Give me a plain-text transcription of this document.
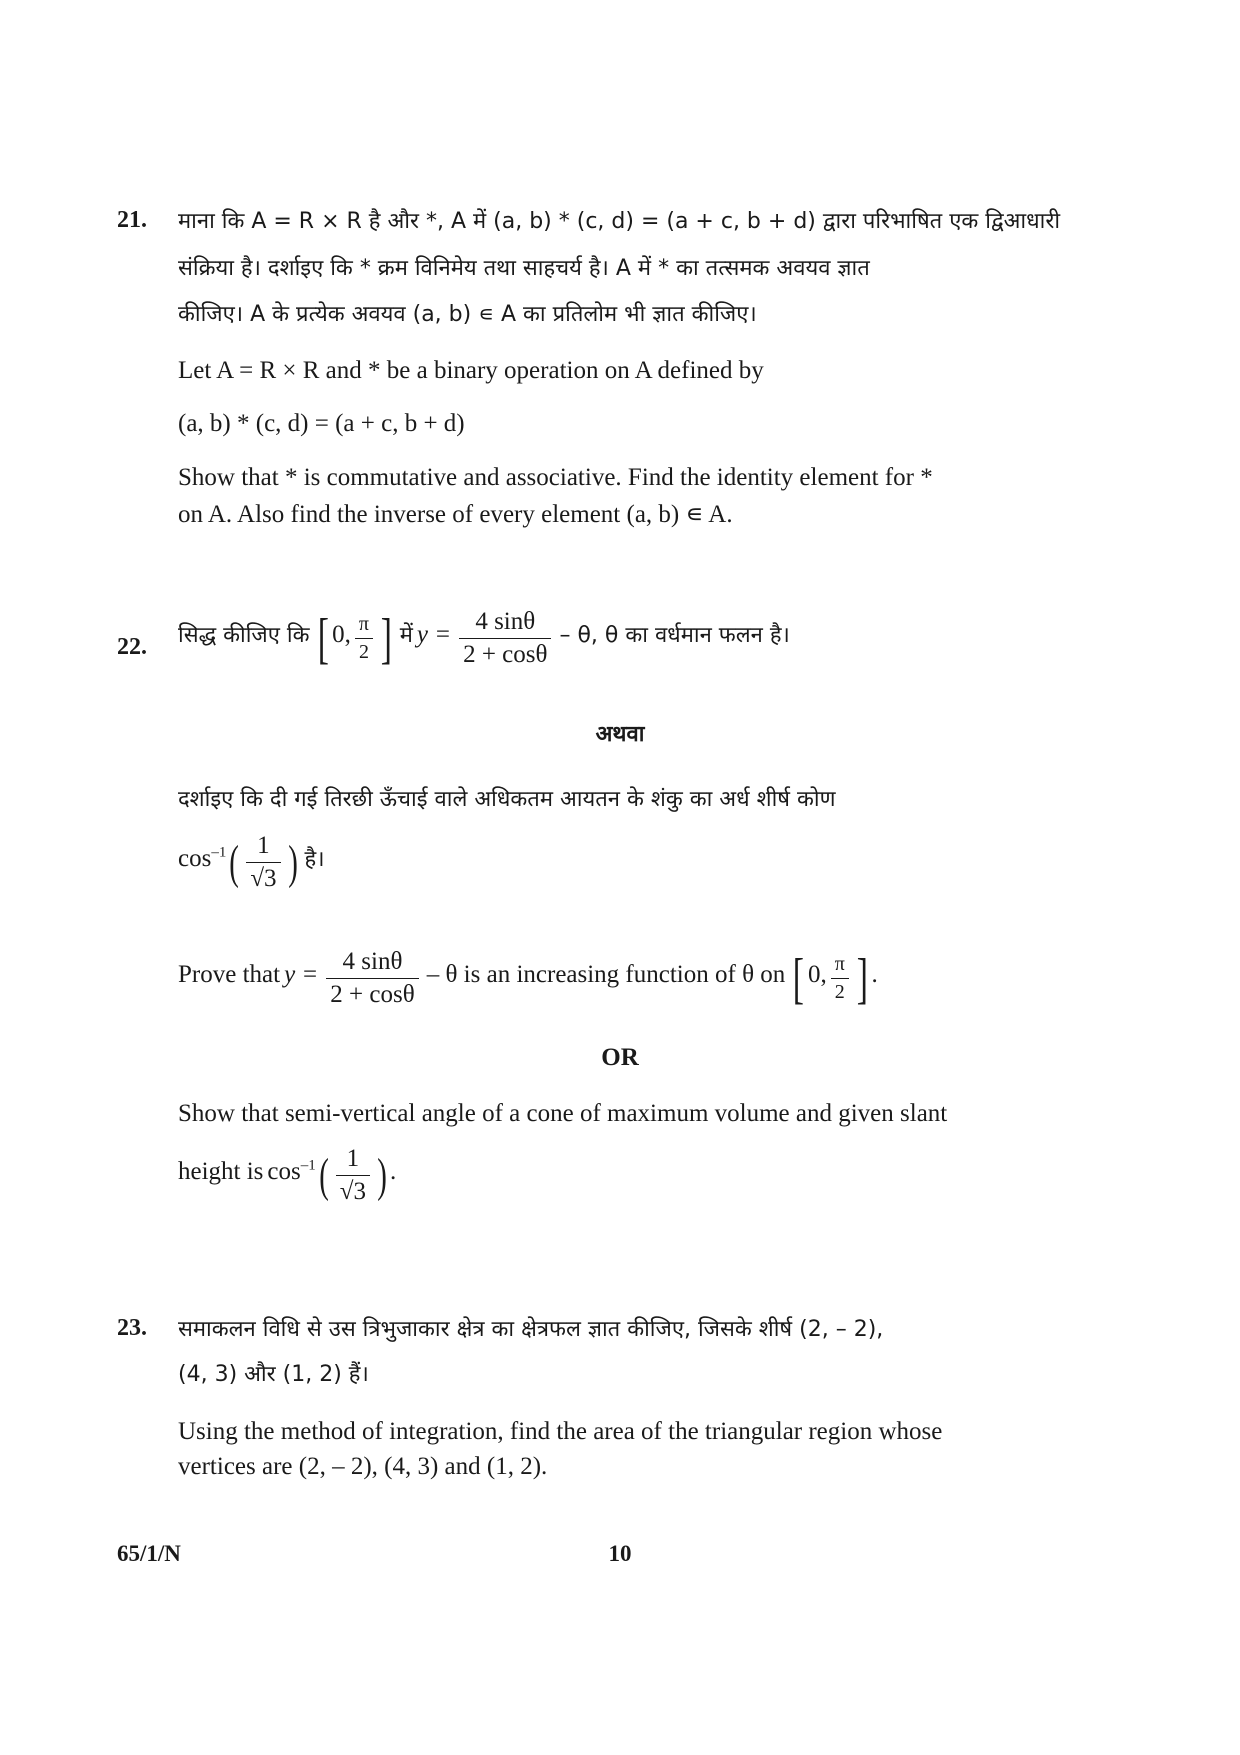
21. माना कि A = R × R है और *, A में (a, b) * (c, d) = (a + c, b + d) द्वारा परिभाषित एक द्विआधारी
संक्रिया है। दर्शाइए कि * क्रम विनिमेय तथा साहचर्य है। A में * का तत्समक अवयव ज्ञात
कीजिए। A के प्रत्येक अवयव (a, b) ∊ A का प्रतिलोम भी ज्ञात कीजिए।
Let A = R × R and * be a binary operation on A defined by
(a, b) * (c, d) = (a + c, b + d)
Show that * is commutative and associative. Find the identity element for *
on A. Also find the inverse of every element (a, b) ∊ A.
22. सिद्ध कीजिए कि [ 0, $\frac{\pi}{2}$ ] में $y = \frac{4 \sin\theta}{2 + \cos\theta} - \theta$, θ का वर्धमान फलन है।
अथवा
दर्शाइए कि दी गई तिरछी ऊँचाई वाले अधिकतम आयतन के शंकु का अर्ध शीर्ष कोण
$\cos^{-1}( \frac{1}{√3}$ ) है।
Prove that $y = \frac{4 \sin\theta}{2 + \cos\theta} - \theta$ is an increasing function of θ on [ 0, $\frac{\pi}{2}$ ] .
OR
Show that semi-vertical angle of a cone of maximum volume and given slant
height is $\cos^{-1}( \frac{1}{√3}$ ) .
23. समाकलन विधि से उस त्रिभुजाकार क्षेत्र का क्षेत्रफल ज्ञात कीजिए, जिसके शीर्ष (2, – 2),
(4, 3) और (1, 2) हैं।
Using the method of integration, find the area of the triangular region whose
vertices are (2, – 2), (4, 3) and (1, 2).
65/1/N	10
